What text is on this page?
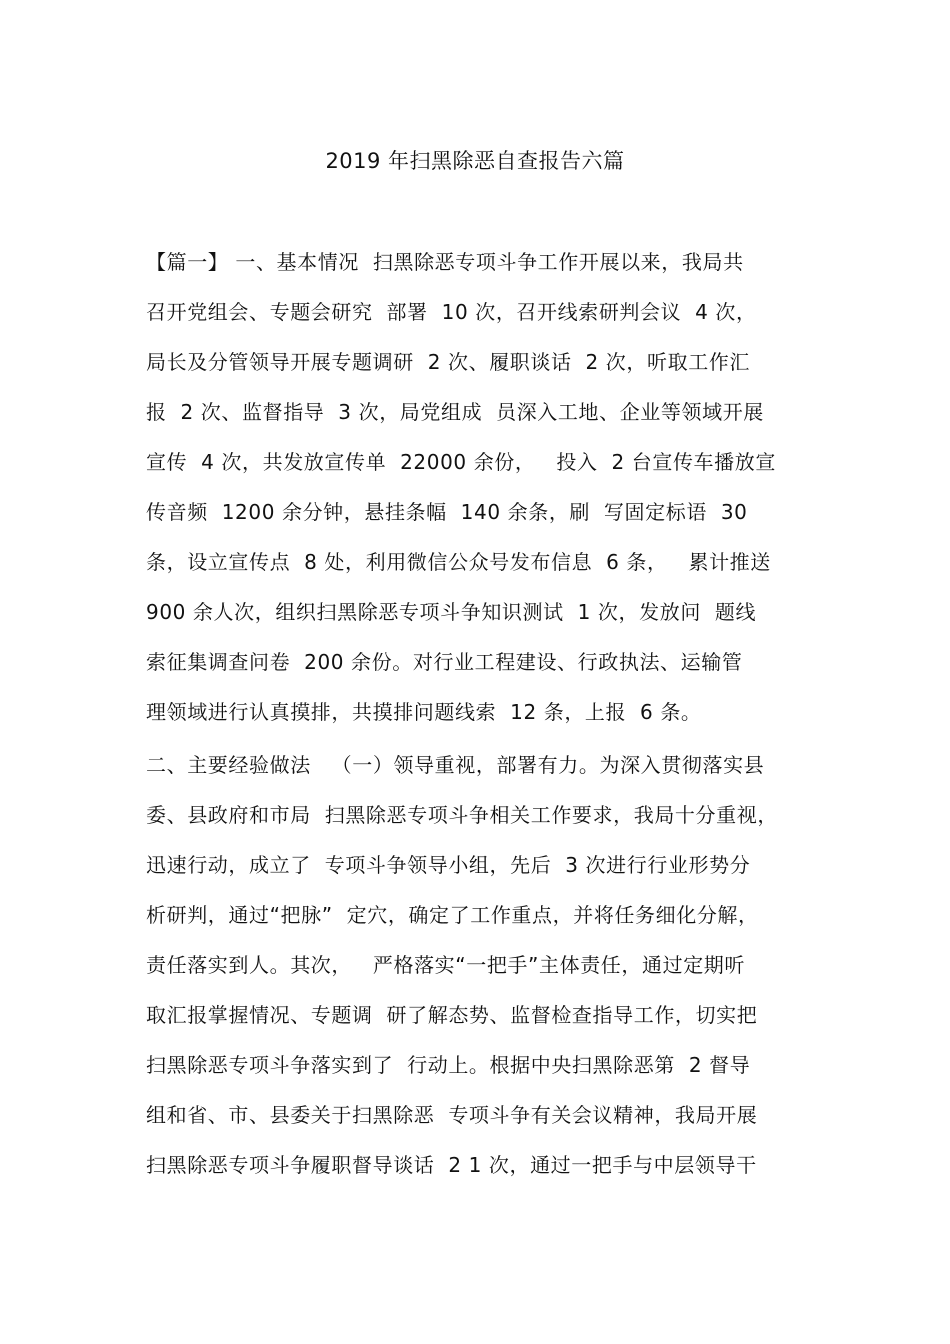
2019 年扫黑除恶自查报告六篇
【篇一】 一、基本情况  扫黑除恶专项斗争工作开展以来，我局共
召开党组会、专题会研究  部署  10 次，召开线索研判会议  4 次，
局长及分管领导开展专题调研  2 次、履职谈话  2 次，听取工作汇
报  2 次、监督指导  3 次，局党组成  员深入工地、企业等领域开展
宣传  4 次，共发放宣传单  22000 余份，   投入  2 台宣传车播放宣
传音频  1200 余分钟，悬挂条幅  140 余条，刷  写固定标语  30
条，设立宣传点  8 处，利用微信公众号发布信息  6 条，   累计推送
900 余人次，组织扫黑除恶专项斗争知识测试  1 次，发放问  题线
索征集调查问卷  200 余份。对行业工程建设、行政执法、运输管
理领域进行认真摸排，共摸排问题线索  12 条，上报  6 条。
二、主要经验做法   （一）领导重视，部署有力。为深入贯彻落实县
委、县政府和市局  扫黑除恶专项斗争相关工作要求，我局十分重视，
迅速行动，成立了  专项斗争领导小组，先后  3 次进行行业形势分
析研判，通过“把脉”  定穴，确定了工作重点，并将任务细化分解，
责任落实到人。其次，   严格落实“一把手”主体责任，通过定期听
取汇报掌握情况、专题调  研了解态势、监督检查指导工作，切实把
扫黑除恶专项斗争落实到了  行动上。根据中央扫黑除恶第  2 督导
组和省、市、县委关于扫黑除恶  专项斗争有关会议精神，我局开展
扫黑除恶专项斗争履职督导谈话  2 1 次，通过一把手与中层领导干
